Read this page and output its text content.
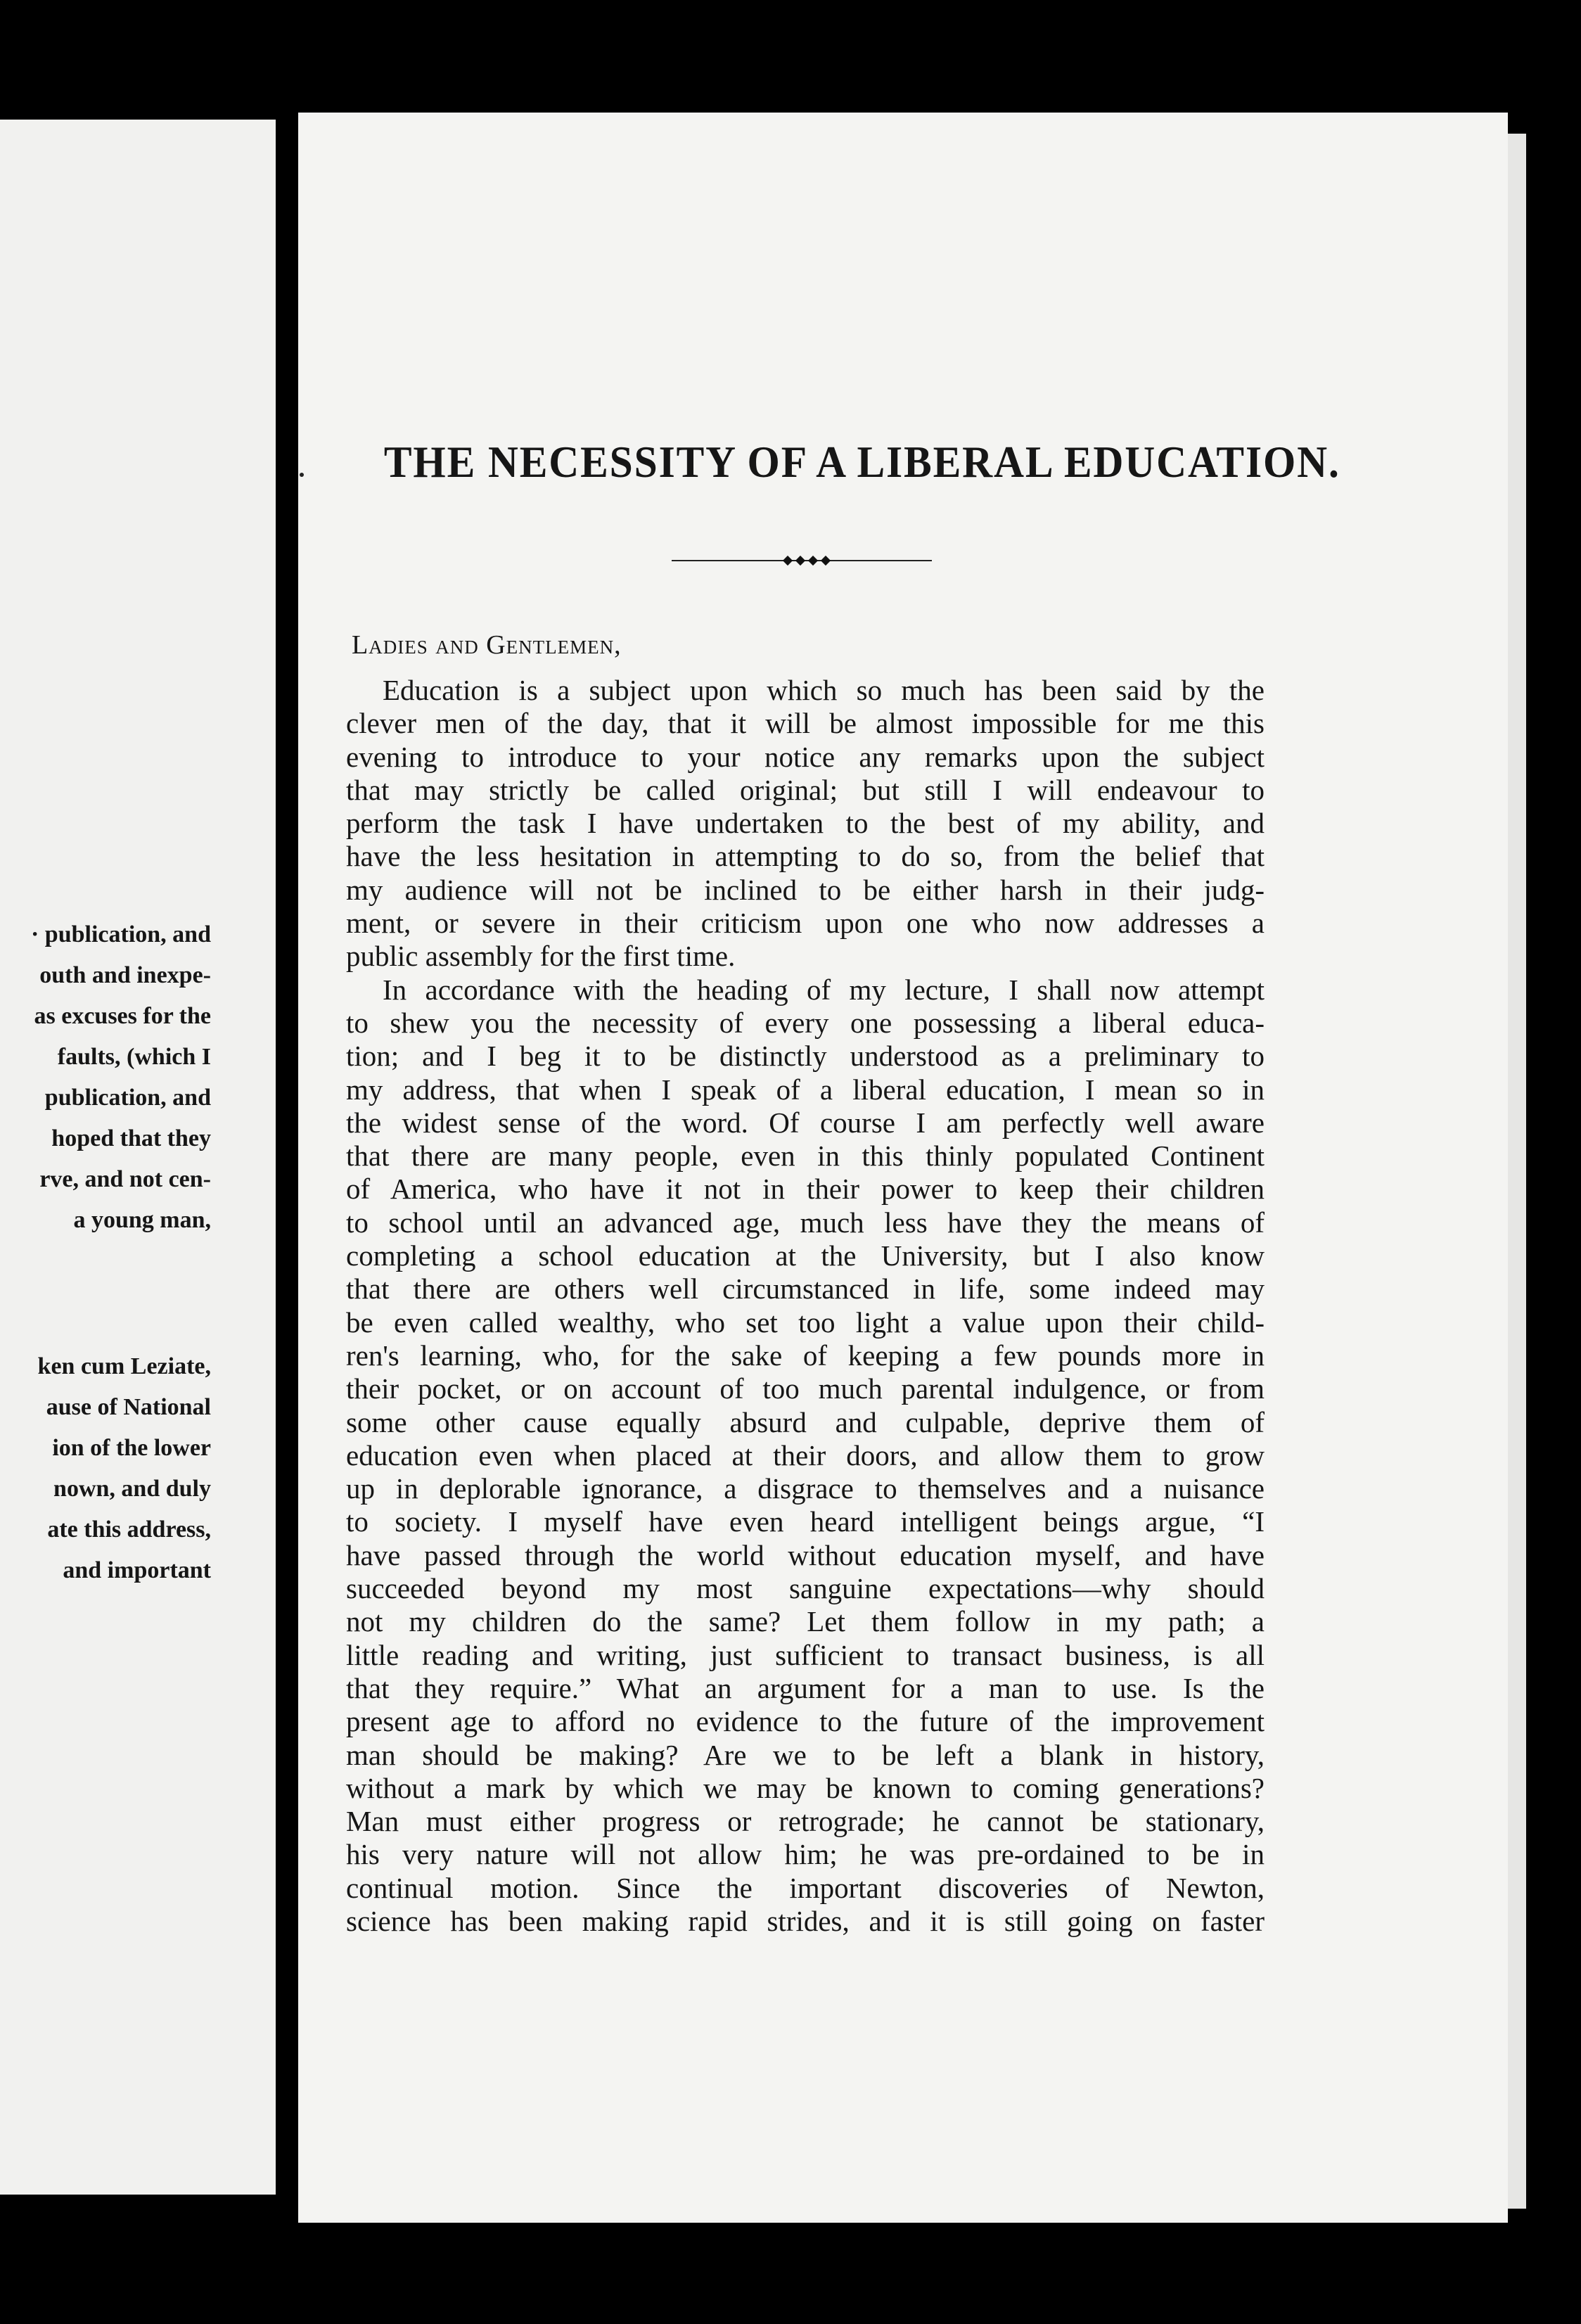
· publication, and
outh and inexpe-
as excuses for the
faults, (which I
publication, and
hoped that they
rve, and not cen-
a young man,
ken cum Leziate,
ause of National
ion of the lower
nown, and duly
ate this address,
and important
THE NECESSITY OF A LIBERAL EDUCATION.
Ladies and Gentlemen,
Education is a subject upon which so much has been said by the
clever men of the day, that it will be almost impossible for me this
evening to introduce to your notice any remarks upon the subject
that may strictly be called original; but still I will endeavour to
perform the task I have undertaken to the best of my ability, and
have the less hesitation in attempting to do so, from the belief that
my audience will not be inclined to be either harsh in their judg-
ment, or severe in their criticism upon one who now addresses a
public assembly for the first time.
In accordance with the heading of my lecture, I shall now attempt
to shew you the necessity of every one possessing a liberal educa-
tion; and I beg it to be distinctly understood as a preliminary to
my address, that when I speak of a liberal education, I mean so in
the widest sense of the word. Of course I am perfectly well aware
that there are many people, even in this thinly populated Continent
of America, who have it not in their power to keep their children
to school until an advanced age, much less have they the means of
completing a school education at the University, but I also know
that there are others well circumstanced in life, some indeed may
be even called wealthy, who set too light a value upon their child-
ren's learning, who, for the sake of keeping a few pounds more in
their pocket, or on account of too much parental indulgence, or from
some other cause equally absurd and culpable, deprive them of
education even when placed at their doors, and allow them to grow
up in deplorable ignorance, a disgrace to themselves and a nuisance
to society. I myself have even heard intelligent beings argue, “I
have passed through the world without education myself, and have
succeeded beyond my most sanguine expectations—why should
not my children do the same? Let them follow in my path; a
little reading and writing, just sufficient to transact business, is all
that they require.” What an argument for a man to use. Is the
present age to afford no evidence to the future of the improvement
man should be making? Are we to be left a blank in history,
without a mark by which we may be known to coming generations?
Man must either progress or retrograde; he cannot be stationary,
his very nature will not allow him; he was pre-ordained to be in
continual motion. Since the important discoveries of Newton,
science has been making rapid strides, and it is still going on faster
